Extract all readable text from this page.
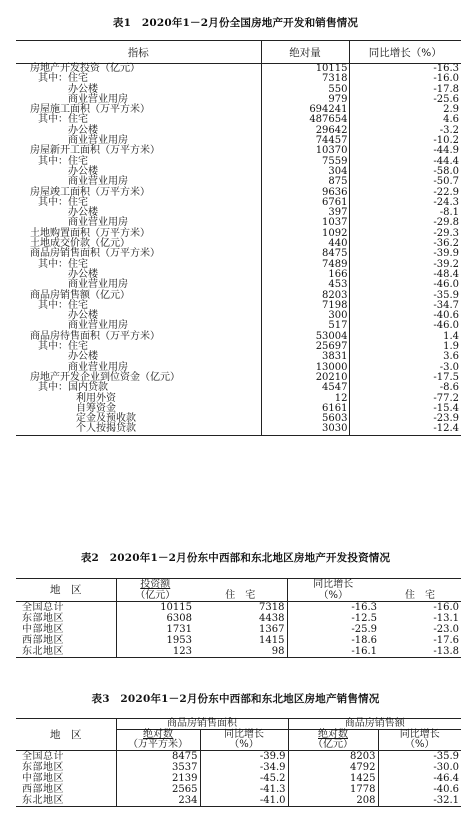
表1　2020年1－2月份全国房地产开发和销售情况
指标	绝对量	同比增长（%）
房地产开发投资（亿元）	10115	-16.3
其中：住宅	7318	-16.0
办公楼	550	-17.8
商业营业用房	979	-25.6
房屋施工面积（万平方米）	694241	2.9
其中：住宅	487654	4.6
办公楼	29642	-3.2
商业营业用房	74457	-10.2
房屋新开工面积（万平方米）	10370	-44.9
其中：住宅	7559	-44.4
办公楼	304	-58.0
商业营业用房	875	-50.7
房屋竣工面积（万平方米）	9636	-22.9
其中：住宅	6761	-24.3
办公楼	397	-8.1
商业营业用房	1037	-29.8
土地购置面积（万平方米）	1092	-29.3
土地成交价款（亿元）	440	-36.2
商品房销售面积（万平方米）	8475	-39.9
其中：住宅	7489	-39.2
办公楼	166	-48.4
商业营业用房	453	-46.0
商品房销售额（亿元）	8203	-35.9
其中：住宅	7198	-34.7
办公楼	300	-40.6
商业营业用房	517	-46.0
商品房待售面积（万平方米）	53004	1.4
其中：住宅	25697	1.9
办公楼	3831	3.6
商业营业用房	13000	-3.0
房地产开发企业到位资金（亿元）	20210	-17.5
其中：国内贷款	4547	-8.6
利用外资	12	-77.2
自筹资金	6161	-15.4
定金及预收款	5603	-23.9
个人按揭贷款	3030	-12.4
表2　2020年1－2月份东中西部和东北地区房地产开发投资情况
地　区	投资额	住　宅	同比增长	住　宅
	（亿元）		（%）	
全国总计	10115	7318	-16.3	-16.0
东部地区	6308	4438	-12.5	-13.1
中部地区	1731	1367	-25.9	-23.0
西部地区	1953	1415	-18.6	-17.6
东北地区	123	98	-16.1	-13.8
表3　2020年1－2月份东中西部和东北地区房地产销售情况
地　区	商品房销售面积		商品房销售额	
	绝对数	同比增长	绝对数	同比增长
	（万平方米）	（%）	（亿元）	（%）
全国总计	8475	-39.9	8203	-35.9
东部地区	3537	-34.9	4792	-30.0
中部地区	2139	-45.2	1425	-46.4
西部地区	2565	-41.3	1778	-40.6
东北地区	234	-41.0	208	-32.1
